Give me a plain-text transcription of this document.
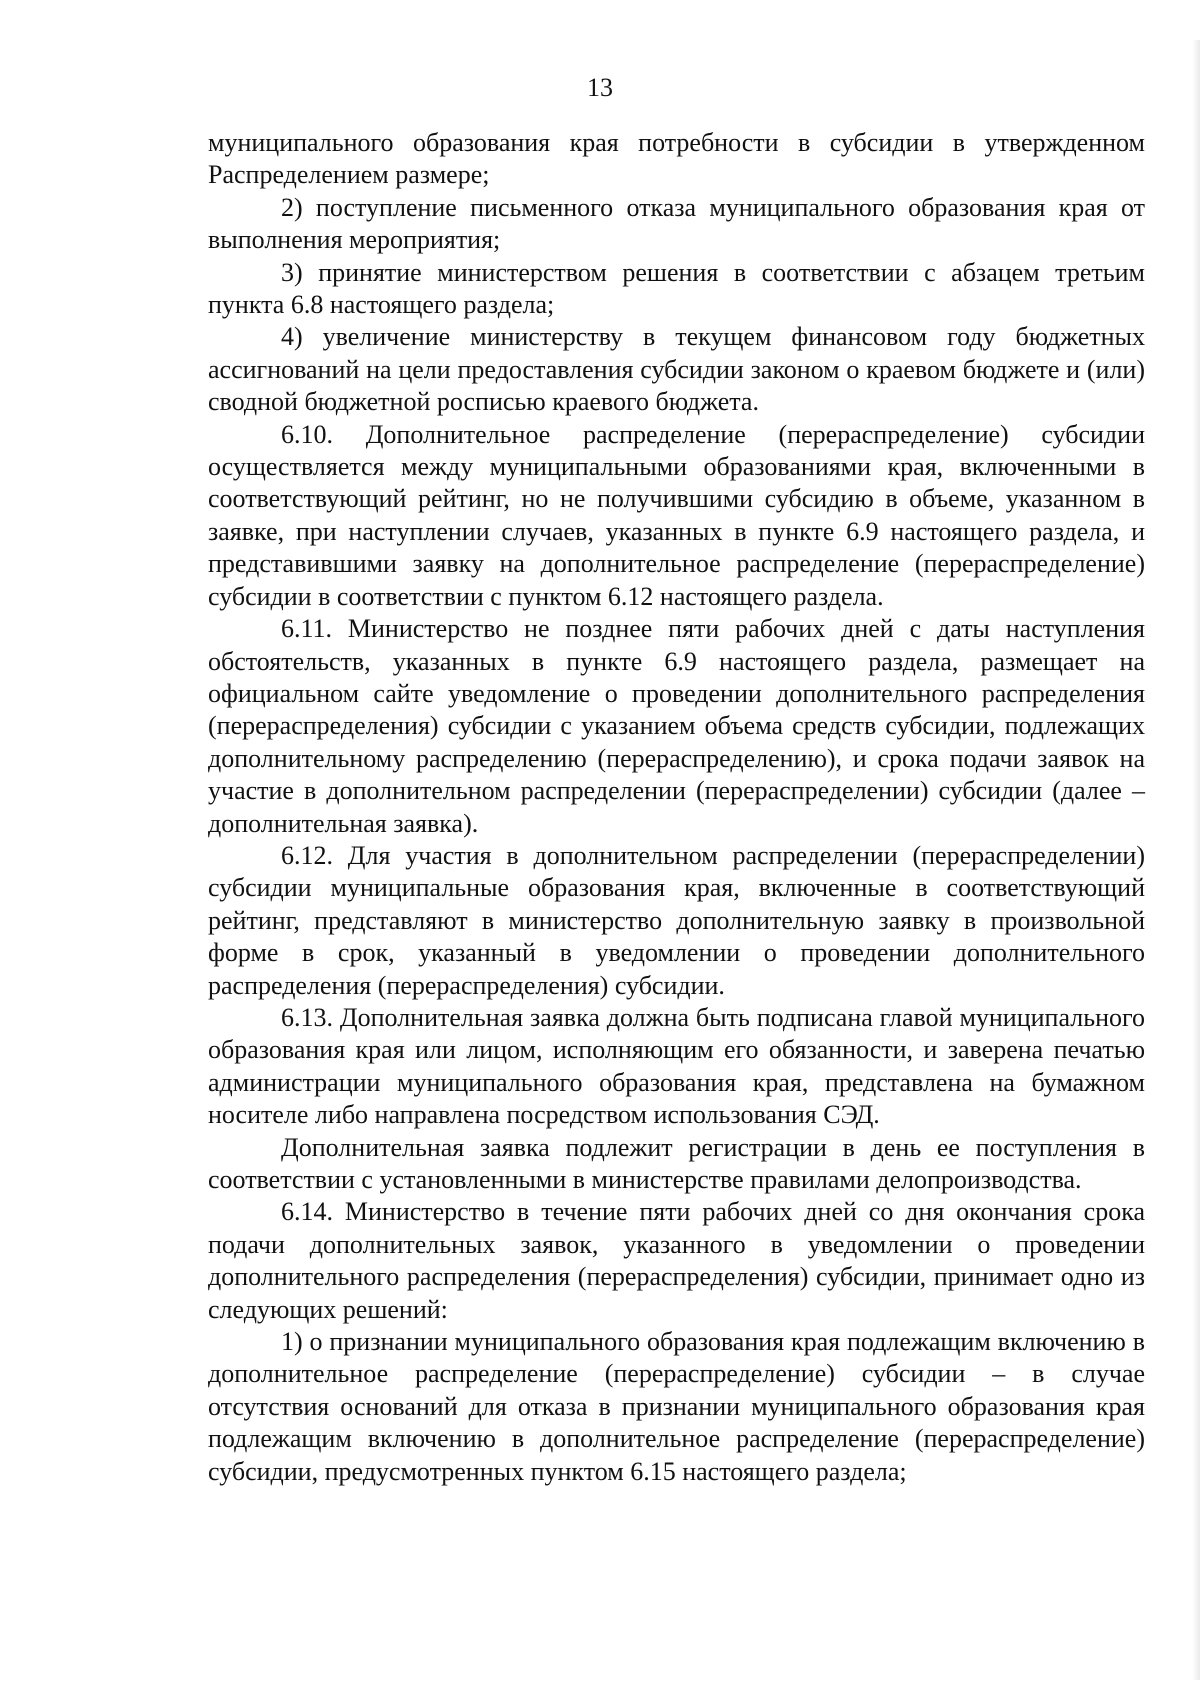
13

муниципального образования края потребности в субсидии в утвержденном Распределением размере;

2) поступление письменного отказа муниципального образования края от выполнения мероприятия;

3) принятие министерством решения в соответствии с абзацем третьим пункта 6.8 настоящего раздела;

4) увеличение министерству в текущем финансовом году бюджетных ассигнований на цели предоставления субсидии законом о краевом бюджете и (или) сводной бюджетной росписью краевого бюджета.

6.10. Дополнительное распределение (перераспределение) субсидии осуществляется между муниципальными образованиями края, включенными в соответствующий рейтинг, но не получившими субсидию в объеме, указанном в заявке, при наступлении случаев, указанных в пункте 6.9 настоящего раздела, и представившими заявку на дополнительное распределение (перераспределение) субсидии в соответствии с пунктом 6.12 настоящего раздела.

6.11. Министерство не позднее пяти рабочих дней с даты наступления обстоятельств, указанных в пункте 6.9 настоящего раздела, размещает на официальном сайте уведомление о проведении дополнительного распределения (перераспределения) субсидии с указанием объема средств субсидии, подлежащих дополнительному распределению (перераспределению), и срока подачи заявок на участие в дополнительном распределении (перераспределении) субсидии (далее – дополнительная заявка).

6.12. Для участия в дополнительном распределении (перераспределении) субсидии муниципальные образования края, включенные в соответствующий рейтинг, представляют в министерство дополнительную заявку в произвольной форме в срок, указанный в уведомлении о проведении дополнительного распределения (перераспределения) субсидии.

6.13. Дополнительная заявка должна быть подписана главой муниципального образования края или лицом, исполняющим его обязанности, и заверена печатью администрации муниципального образования края, представлена на бумажном носителе либо направлена посредством использования СЭД.

Дополнительная заявка подлежит регистрации в день ее поступления в соответствии с установленными в министерстве правилами делопроизводства.

6.14. Министерство в течение пяти рабочих дней со дня окончания срока подачи дополнительных заявок, указанного в уведомлении о проведении дополнительного распределения (перераспределения) субсидии, принимает одно из следующих решений:

1) о признании муниципального образования края подлежащим включению в дополнительное распределение (перераспределение) субсидии – в случае отсутствия оснований для отказа в признании муниципального образования края подлежащим включению в дополнительное распределение (перераспределение) субсидии, предусмотренных пунктом 6.15 настоящего раздела;
